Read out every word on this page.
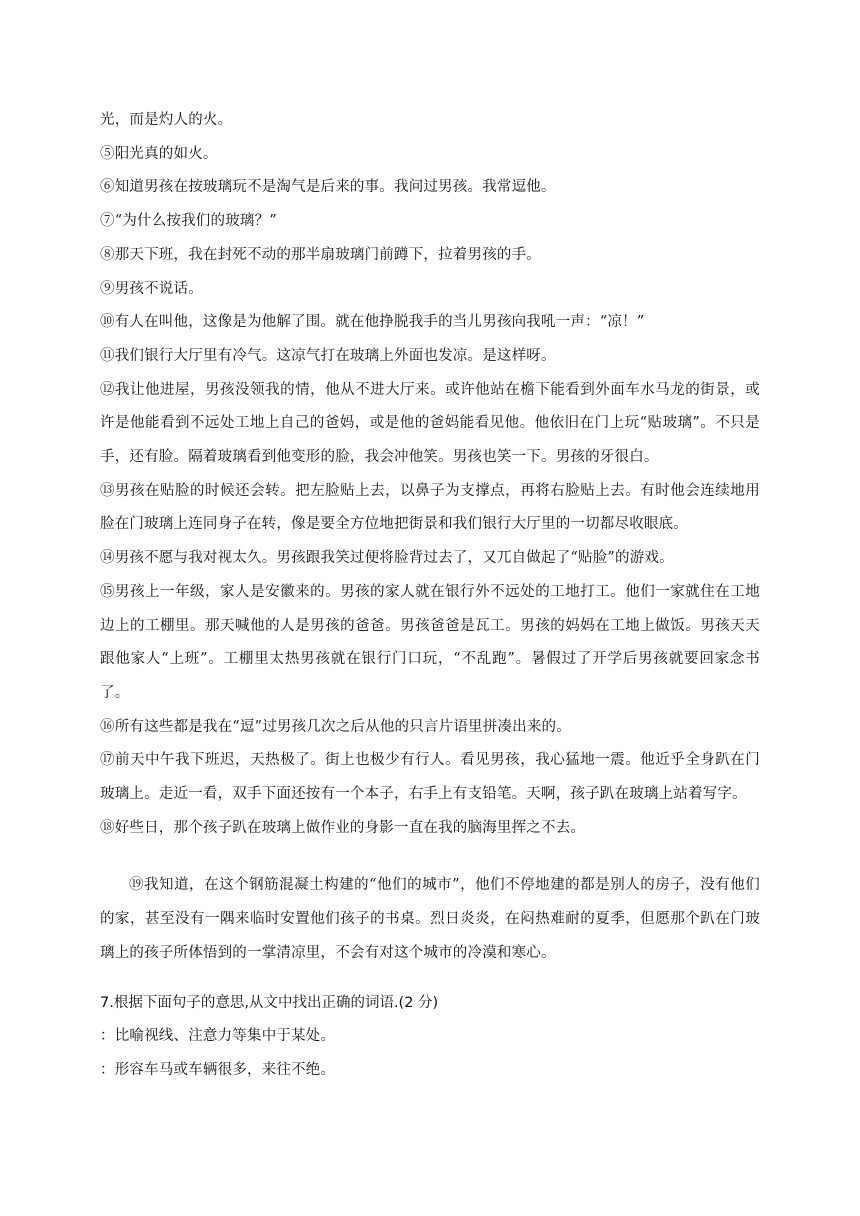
光，而是灼人的火。

⑤阳光真的如火。

⑥知道男孩在按玻璃玩不是淘气是后来的事。我问过男孩。我常逗他。

⑦“为什么按我们的玻璃？”

⑧那天下班，我在封死不动的那半扇玻璃门前蹲下，拉着男孩的手。

⑨男孩不说话。

⑩有人在叫他，这像是为他解了围。就在他挣脱我手的当儿男孩向我吼一声：“凉！”

⑪我们银行大厅里有冷气。这凉气打在玻璃上外面也发凉。是这样呀。

⑫我让他进屋，男孩没领我的情，他从不进大厅来。或许他站在檐下能看到外面车水马龙的街景，或许是他能看到不远处工地上自己的爸妈，或是他的爸妈能看见他。他依旧在门上玩“贴玻璃”。不只是手，还有脸。隔着玻璃看到他变形的脸，我会冲他笑。男孩也笑一下。男孩的牙很白。

⑬男孩在贴脸的时候还会转。把左脸贴上去，以鼻子为支撑点，再将右脸贴上去。有时他会连续地用脸在门玻璃上连同身子在转，像是要全方位地把街景和我们银行大厅里的一切都尽收眼底。

⑭男孩不愿与我对视太久。男孩跟我笑过便将脸背过去了，又兀自做起了“贴脸”的游戏。

⑮男孩上一年级，家人是安徽来的。男孩的家人就在银行外不远处的工地打工。他们一家就住在工地边上的工棚里。那天喊他的人是男孩的爸爸。男孩爸爸是瓦工。男孩的妈妈在工地上做饭。男孩天天跟他家人“上班”。工棚里太热男孩就在银行门口玩，“不乱跑”。暑假过了开学后男孩就要回家念书了。

⑯所有这些都是我在“逗”过男孩几次之后从他的只言片语里拼凑出来的。

⑰前天中午我下班迟，天热极了。街上也极少有行人。看见男孩，我心猛地一震。他近乎全身趴在门玻璃上。走近一看，双手下面还按有一个本子，右手上有支铅笔。天啊，孩子趴在玻璃上站着写字。

⑱好些日，那个孩子趴在玻璃上做作业的身影一直在我的脑海里挥之不去。

⑲我知道，在这个钢筋混凝土构建的“他们的城市”，他们不停地建的都是别人的房子，没有他们的家，甚至没有一隅来临时安置他们孩子的书桌。烈日炎炎，在闷热难耐的夏季，但愿那个趴在门玻璃上的孩子所体悟到的一掌清凉里，不会有对这个城市的冷漠和寒心。

7.根据下面句子的意思,从文中找出正确的词语.(2 分)

：比喻视线、注意力等集中于某处。

：形容车马或车辆很多，来往不绝。
